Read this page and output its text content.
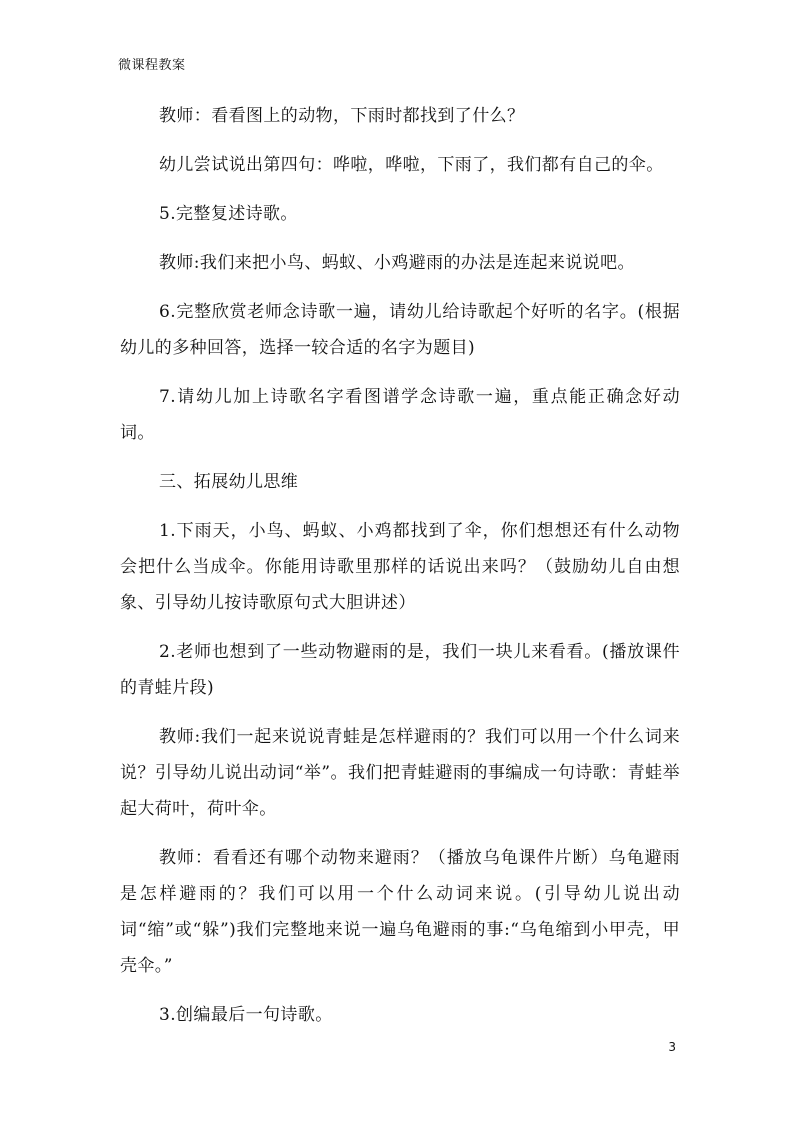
微课程教案

教师：看看图上的动物，下雨时都找到了什么？

幼儿尝试说出第四句：哗啦，哗啦，下雨了，我们都有自己的伞。

5.完整复述诗歌。

教师:我们来把小鸟、蚂蚁、小鸡避雨的办法是连起来说说吧。

6.完整欣赏老师念诗歌一遍，请幼儿给诗歌起个好听的名字。(根据幼儿的多种回答，选择一较合适的名字为题目)

7.请幼儿加上诗歌名字看图谱学念诗歌一遍，重点能正确念好动词。

三、拓展幼儿思维

1.下雨天，小鸟、蚂蚁、小鸡都找到了伞，你们想想还有什么动物会把什么当成伞。你能用诗歌里那样的话说出来吗？（鼓励幼儿自由想象、引导幼儿按诗歌原句式大胆讲述）

2.老师也想到了一些动物避雨的是，我们一块儿来看看。(播放课件的青蛙片段)

教师:我们一起来说说青蛙是怎样避雨的？我们可以用一个什么词来说？引导幼儿说出动词“举”。我们把青蛙避雨的事编成一句诗歌：青蛙举起大荷叶，荷叶伞。

教师：看看还有哪个动物来避雨？（播放乌龟课件片断）乌龟避雨是怎样避雨的？我们可以用一个什么动词来说。(引导幼儿说出动词“缩”或“躲”)我们完整地来说一遍乌龟避雨的事:“乌龟缩到小甲壳，甲壳伞。”

3.创编最后一句诗歌。

3
